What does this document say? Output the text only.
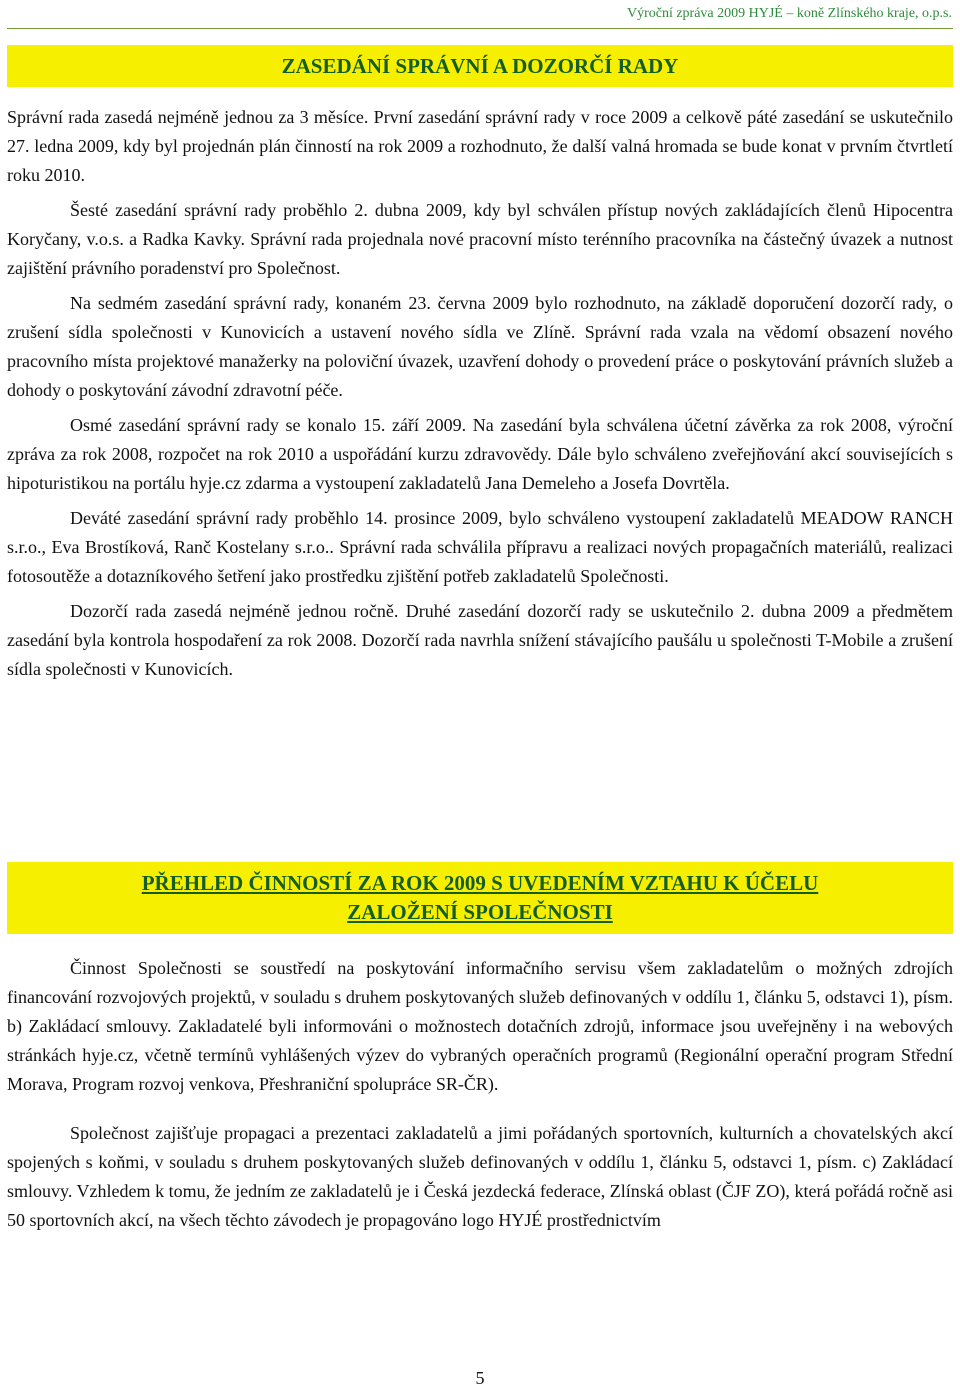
Výroční zpráva 2009 HYJÉ – koně Zlínského kraje, o.p.s.
ZASEDÁNÍ SPRÁVNÍ A DOZORČÍ RADY

Správní rada zasedá nejméně jednou za 3 měsíce. První zasedání správní rady v roce 2009 a celkově páté zasedání se uskutečnilo 27. ledna 2009, kdy byl projednán plán činností na rok 2009 a rozhodnuto, že další valná hromada se bude konat v prvním čtvrtletí roku 2010.

Šesté zasedání správní rady proběhlo 2. dubna 2009, kdy byl schválen přístup nových zakládajících členů Hipocentra Koryčany, v.o.s. a Radka Kavky. Správní rada projednala nové pracovní místo terénního pracovníka na částečný úvazek a nutnost zajištění právního poradenství pro Společnost.

Na sedmém zasedání správní rady, konaném 23. června 2009 bylo rozhodnuto, na základě doporučení dozorčí rady, o zrušení sídla společnosti v Kunovicích a ustavení nového sídla ve Zlíně. Správní rada vzala na vědomí obsazení nového pracovního místa projektové manažerky na poloviční úvazek, uzavření dohody o provedení práce o poskytování právních služeb a dohody o poskytování závodní zdravotní péče.

Osmé zasedání správní rady se konalo 15. září 2009. Na zasedání byla schválena účetní závěrka za rok 2008, výroční zpráva za rok 2008, rozpočet na rok 2010 a uspořádání kurzu zdravovědy. Dále bylo schváleno zveřejňování akcí souvisejících s hipoturistikou na portálu hyje.cz zdarma a vystoupení zakladatelů Jana Demeleho a Josefa Dovrtěla.

Deváté zasedání správní rady proběhlo 14. prosince 2009, bylo schváleno vystoupení zakladatelů MEADOW RANCH s.r.o., Eva Brostíková, Ranč Kostelany s.r.o.. Správní rada schválila přípravu a realizaci nových propagačních materiálů, realizaci fotosoutěže a dotazníkového šetření jako prostředku zjištění potřeb zakladatelů Společnosti.

Dozorčí rada zasedá nejméně jednou ročně. Druhé zasedání dozorčí rady se uskutečnilo 2. dubna 2009 a předmětem zasedání byla kontrola hospodaření za rok 2008. Dozorčí rada navrhla snížení stávajícího paušálu u společnosti T-Mobile a zrušení sídla společnosti v Kunovicích.

PŘEHLED ČINNOSTÍ ZA ROK 2009 S UVEDENÍM VZTAHU K ÚČELU
ZALOŽENÍ SPOLEČNOSTI

Činnost Společnosti se soustředí na poskytování informačního servisu všem zakladatelům o možných zdrojích financování rozvojových projektů, v souladu s druhem poskytovaných služeb definovaných v oddílu 1, článku 5, odstavci 1), písm. b) Zakládací smlouvy. Zakladatelé byli informováni o možnostech dotačních zdrojů, informace jsou uveřejněny i na webových stránkách hyje.cz, včetně termínů vyhlášených výzev do vybraných operačních programů (Regionální operační program Střední Morava, Program rozvoj venkova, Přeshraniční spolupráce SR-ČR).

Společnost zajišťuje propagaci a prezentaci zakladatelů a jimi pořádaných sportovních, kulturních a chovatelských akcí spojených s koňmi, v souladu s druhem poskytovaných služeb definovaných v oddílu 1, článku 5, odstavci 1, písm. c) Zakládací smlouvy. Vzhledem k tomu, že jedním ze zakladatelů je i Česká jezdecká federace, Zlínská oblast (ČJF ZO), která pořádá ročně asi 50 sportovních akcí, na všech těchto závodech je propagováno logo HYJÉ prostřednictvím

5
